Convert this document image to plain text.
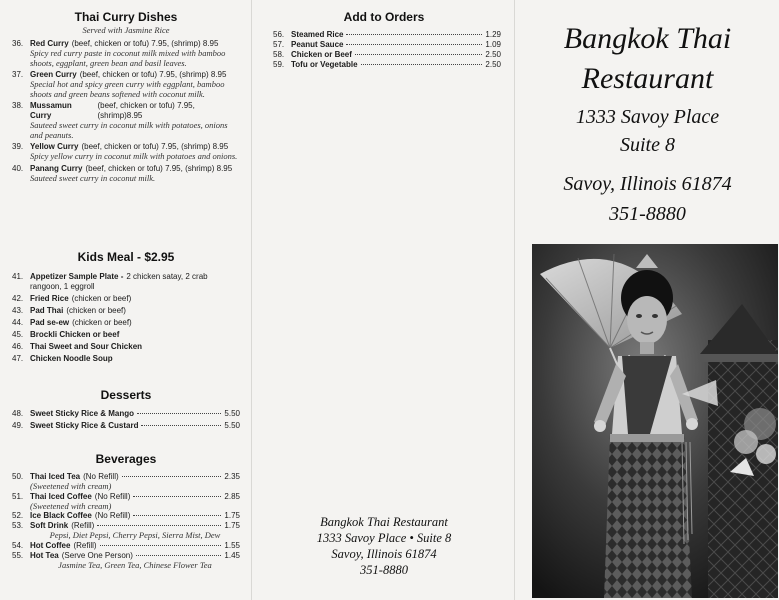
Thai Curry Dishes
Served with Jasmine Rice
36. Red Curry (beef, chicken or tofu) 7.95, (shrimp) 8.95
Spicy red curry paste in coconut milk mixed with bamboo shoots, eggplant, green bean and basil leaves.
37. Green Curry (beef, chicken or tofu) 7.95, (shrimp) 8.95
Special hot and spicy green curry with eggplant, bamboo shoots and green beans softened with coconut milk.
38. Mussamun Curry
(beef, chicken or tofu) 7.95, (shrimp)8.95
Sauteed sweet curry in coconut milk with potatoes, onions and peanuts.
39. Yellow Curry (beef, chicken or tofu) 7.95, (shrimp) 8.95
Spicy yellow curry in coconut milk with potatoes and onions.
40. Panang Curry (beef, chicken or tofu) 7.95, (shrimp) 8.95
Sauteed sweet curry in coconut milk.
Kids Meal - $2.95
41. Appetizer Sample Plate - 2 chicken satay, 2 crab rangoon, 1 eggroll
42. Fried Rice (chicken or beef)
43. Pad Thai (chicken or beef)
44. Pad se-ew (chicken or beef)
45. Brockli Chicken or beef
46. Thai Sweet and Sour Chicken
47. Chicken Noodle Soup
Desserts
48. Sweet Sticky Rice & Mango	5.50
49. Sweet Sticky Rice & Custard	5.50
Beverages
50. Thai Iced Tea (No Refill)	2.35
(Sweetened with cream)
51. Thai Iced Coffee (No Refill)	2.85
(Sweetened with cream)
52. Ice Black Coffee (No Refill)	1.75
53. Soft Drink (Refill)	1.75
Pepsi, Diet Pepsi, Cherry Pepsi, Sierra Mist, Dew
54. Hot Coffee (Refill)	1.55
55. Hot Tea (Serve One Person)	1.45
Jasmine Tea, Green Tea, Chinese Flower Tea
Add to Orders
56. Steamed Rice	1.29
57. Peanut Sauce	1.09
58. Chicken or Beef	2.50
59. Tofu or Vegetable	2.50
Bangkok Thai Restaurant
1333 Savoy Place • Suite 8
Savoy, Illinois 61874
351-8880
Bangkok Thai
Restaurant
1333 Savoy Place
Suite 8
Savoy, Illinois 61874
351-8880
